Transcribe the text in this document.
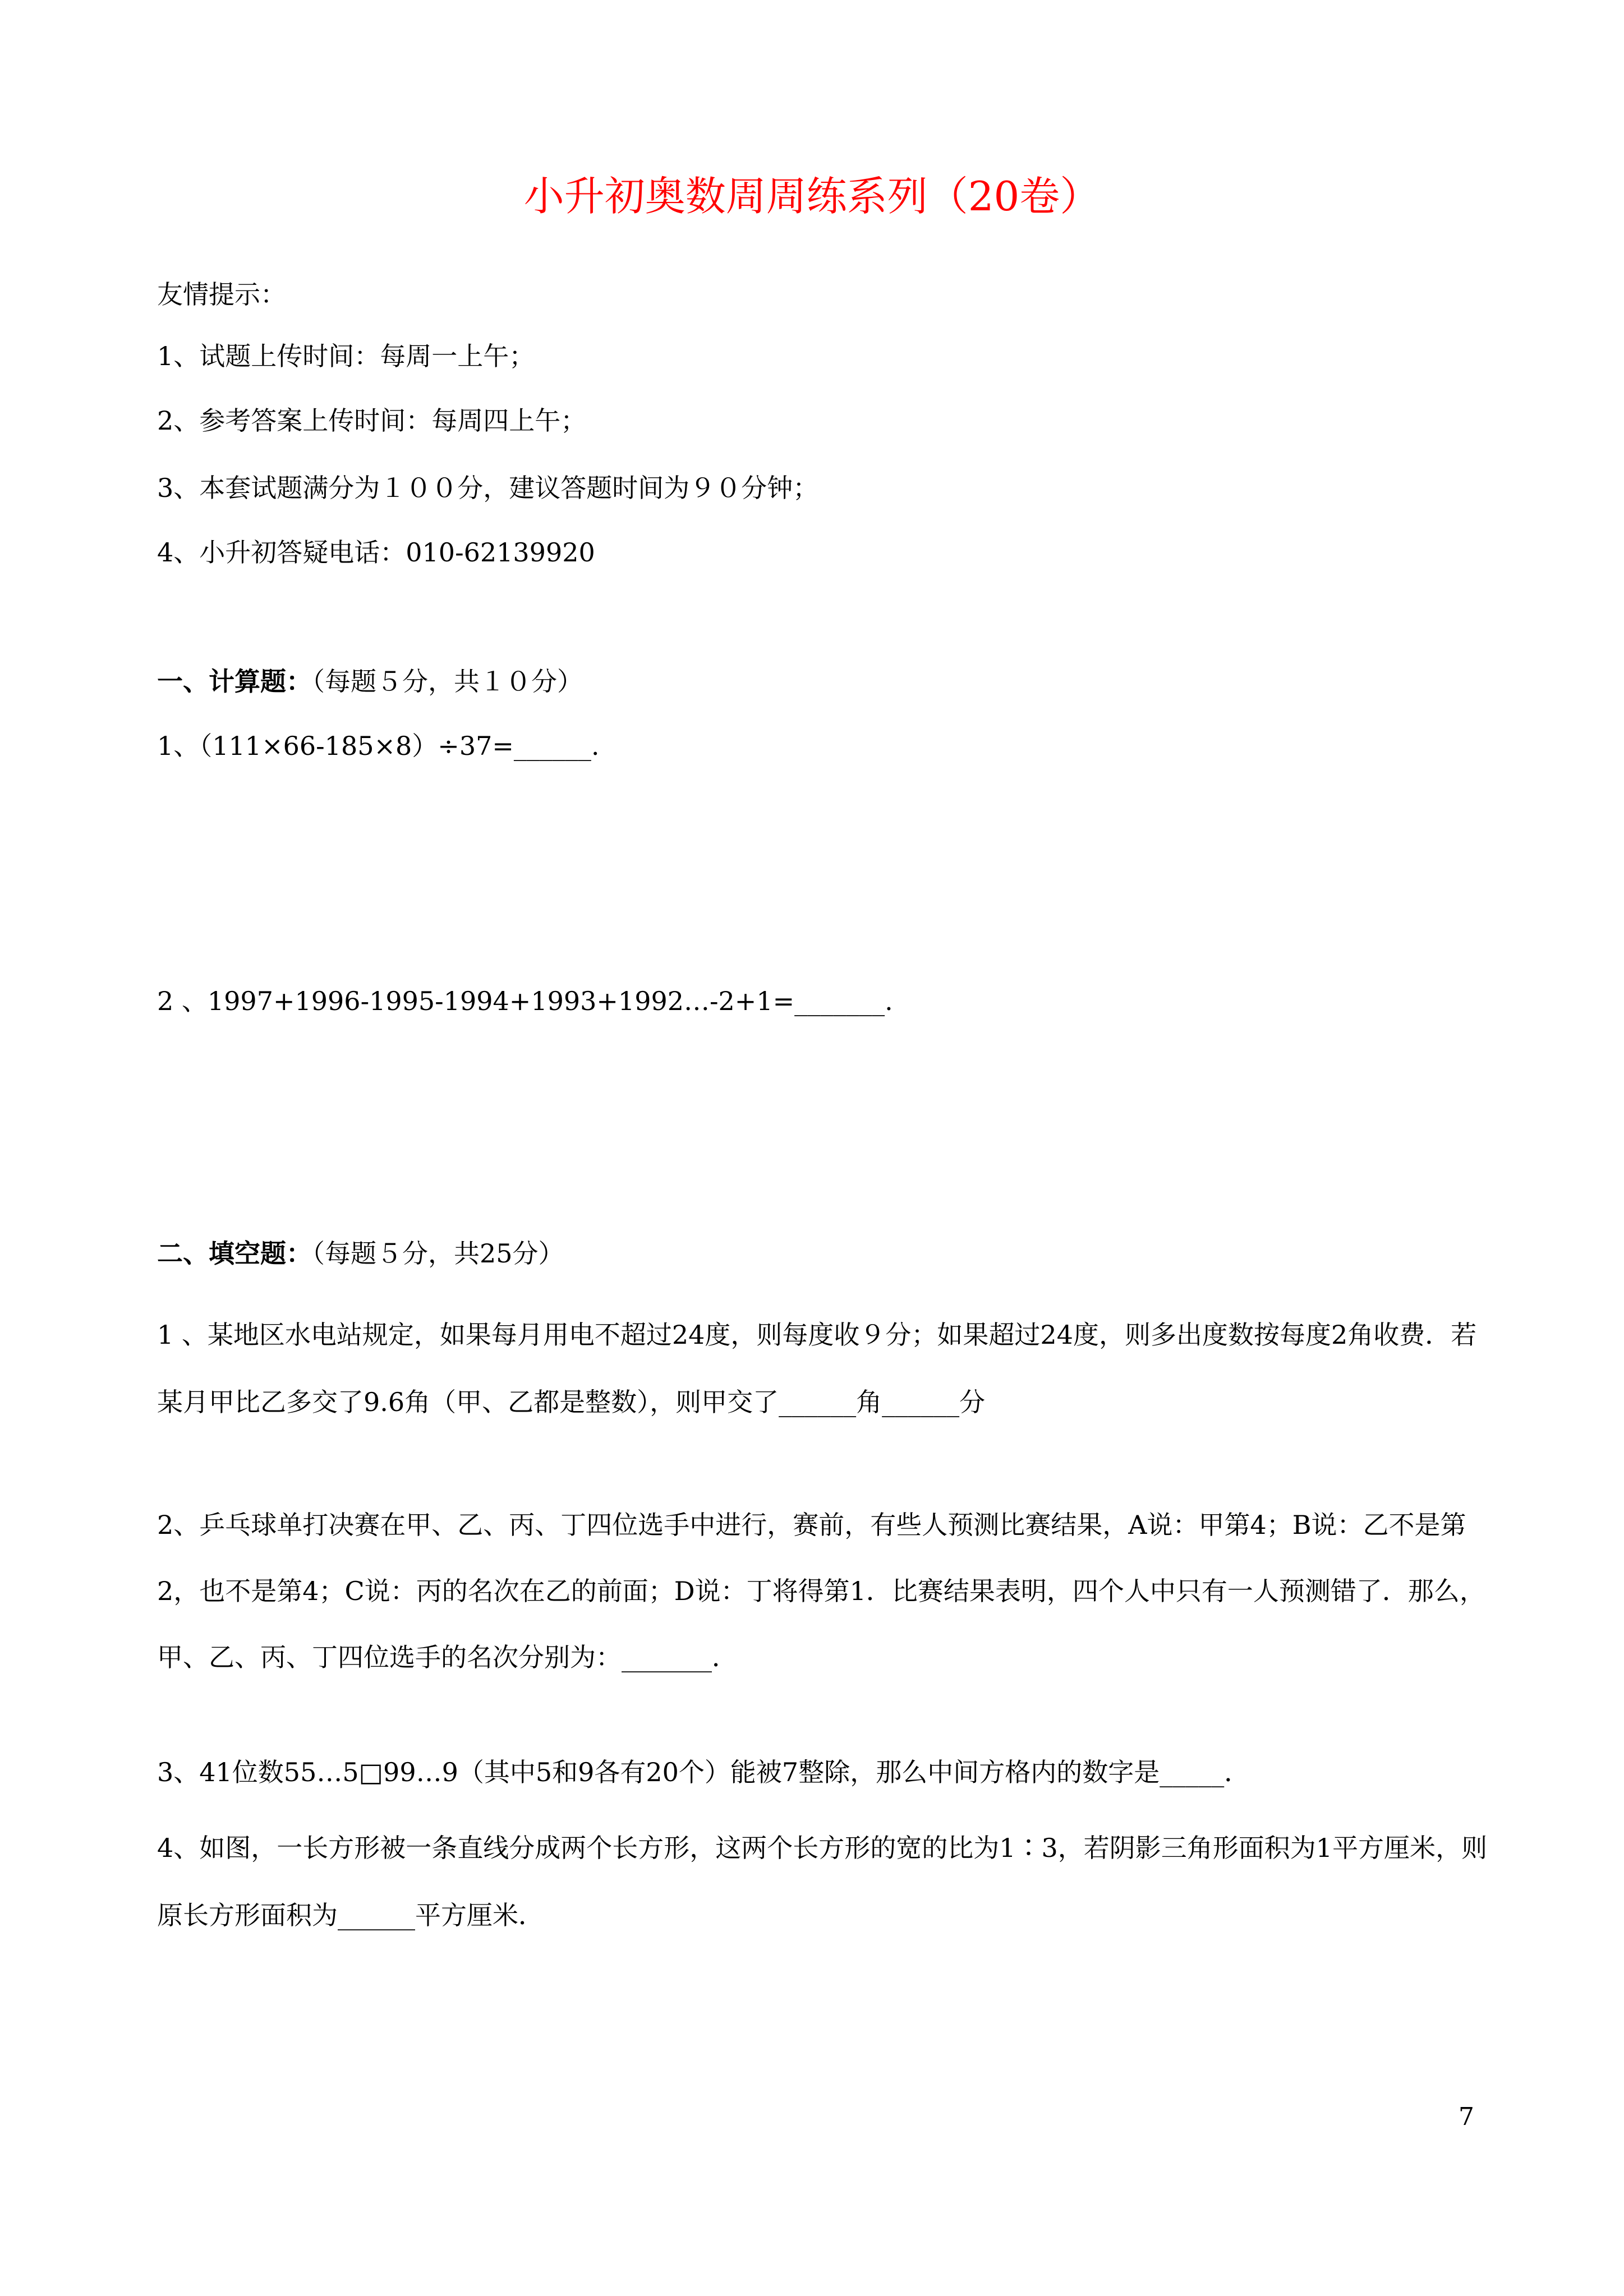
小升初奥数周周练系列（20卷）

友情提示：

1、试题上传时间：每周一上午；

2、参考答案上传时间：每周四上午；

3、本套试题满分为１００分，建议答题时间为９０分钟；

4、小升初答疑电话：010-62139920

一、计算题：（每题５分，共１０分）

1、（111×66-185×8）÷37=______.

2 、1997+1996-1995-1994+1993+1992…-2+1=_______.

二、填空题：（每题５分，共25分）

1 、某地区水电站规定，如果每月用电不超过24度，则每度收９分；如果超过24度，则多出度数按每度2角收费．若某月甲比乙多交了9.6角（甲、乙都是整数），则甲交了______角______分

2、乒乓球单打决赛在甲、乙、丙、丁四位选手中进行，赛前，有些人预测比赛结果，A说：甲第4；B说：乙不是第2，也不是第4；C说：丙的名次在乙的前面；D说：丁将得第1．比赛结果表明，四个人中只有一人预测错了．那么，甲、乙、丙、丁四位选手的名次分别为：_______．

3、41位数55…5□99…9（其中5和9各有20个）能被7整除，那么中间方格内的数字是_____．

4、如图，一长方形被一条直线分成两个长方形，这两个长方形的宽的比为1∶3，若阴影三角形面积为1平方厘米，则原长方形面积为______平方厘米．

7
